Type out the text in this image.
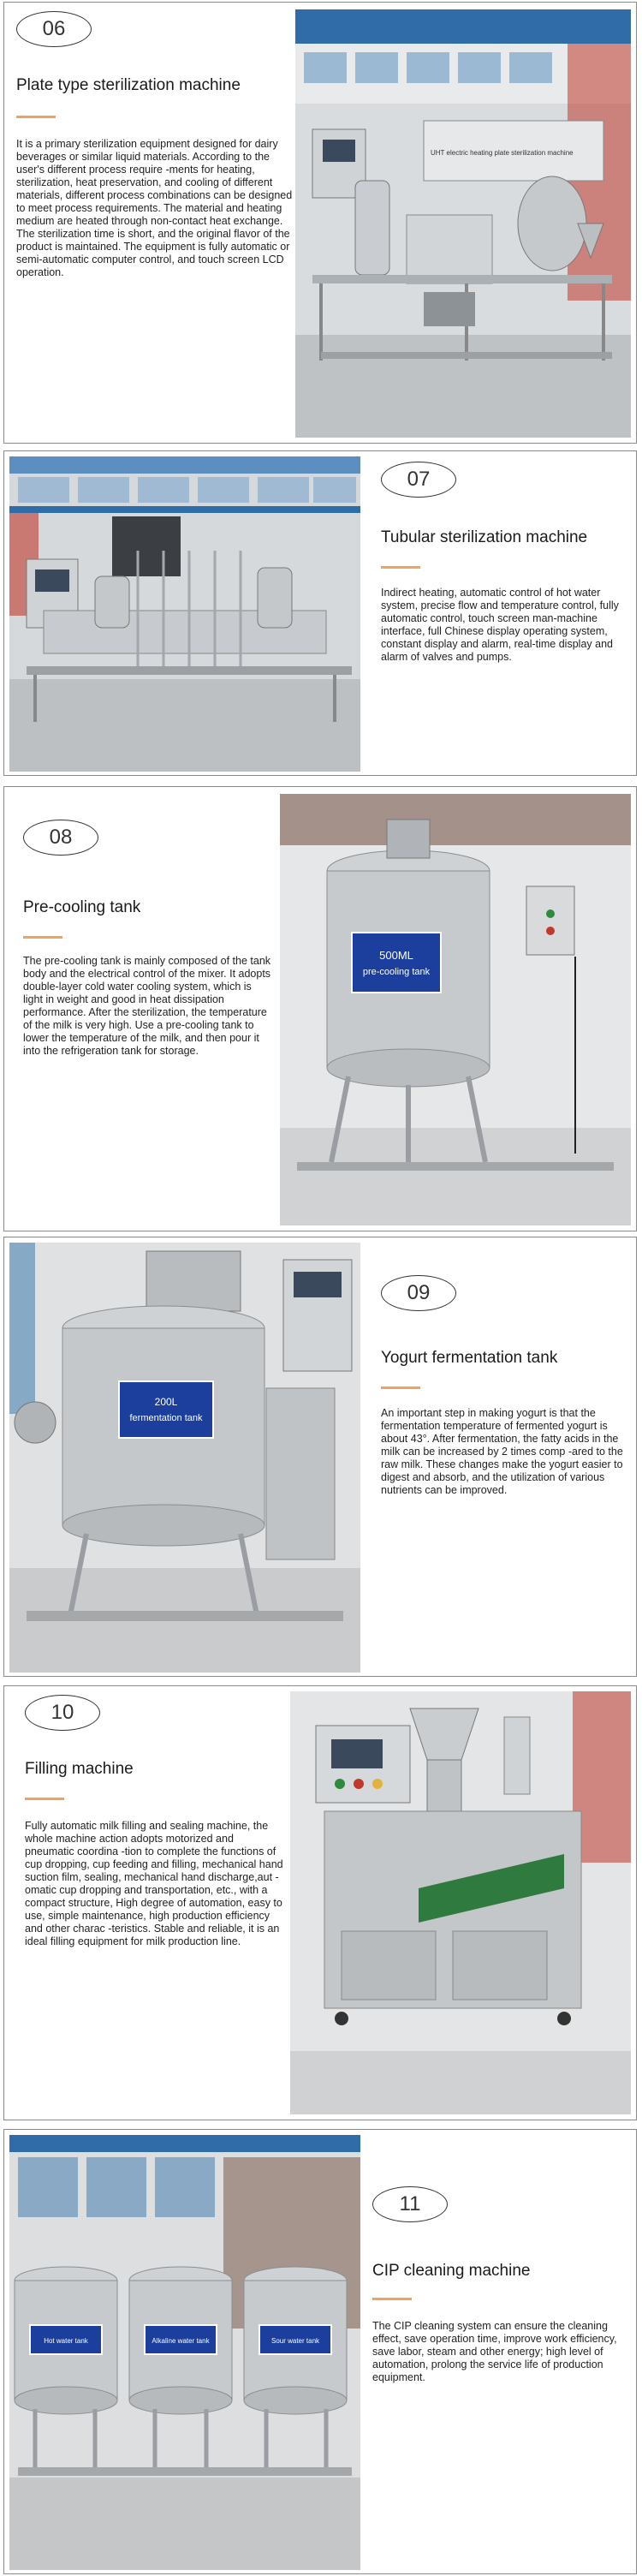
06
Plate type sterilization machine
It is a primary sterilization equipment designed for dairy beverages or similar liquid materials. According to the user's different process require -ments for heating, sterilization, heat preservation, and cooling of different materials, different process combinations can be designed to meet process requirements. The material and heating medium are heated through non-contact heat exchange. The sterilization time is short, and the original flavor of the product is maintained. The equipment is fully automatic or semi-automatic computer control, and touch screen LCD operation.
UHT electric heating plate sterilization machine
07
Tubular sterilization machine
Indirect heating, automatic control of hot water system, precise flow and temperature control, fully automatic control, touch screen man-machine interface, full Chinese display operating system, constant display and alarm, real-time display and alarm of valves and pumps.
08
Pre-cooling tank
The pre-cooling tank is mainly composed of the tank body and the electrical control of the mixer. It adopts double-layer cold water cooling system, which is light in weight and good in heat dissipation performance. After the sterilization, the temperature of the milk is very high. Use a pre-cooling tank to lower the temperature of the milk, and then pour it into the refrigeration tank for storage.
500ML
pre-cooling tank
200L
fermentation tank
09
Yogurt fermentation tank
An important step in making yogurt is that the fermentation temperature of fermented yogurt is about 43°. After fermentation, the fatty acids in the milk can be increased by 2 times comp -ared to the raw milk. These changes make the yogurt easier to digest and absorb, and the utilization of various nutrients can be improved.
10
Filling machine
Fully automatic milk filling and sealing machine, the whole machine action adopts motorized and pneumatic coordina -tion to complete the functions of cup dropping, cup feeding and filling, mechanical hand suction film, sealing, mechanical hand discharge,aut -omatic cup dropping and transportation, etc., with a compact structure, High degree of automation, easy to use, simple maintenance, high production efficiency and other charac -teristics. Stable and reliable, it is an ideal filling equipment for milk production line.
Hot water tank	Alkaline water tank	Sour water tank
11
CIP cleaning machine
The CIP cleaning system can ensure the cleaning effect, save operation time, improve work efficiency, save labor, steam and other energy; high level of automation, prolong the service life of production equipment.
